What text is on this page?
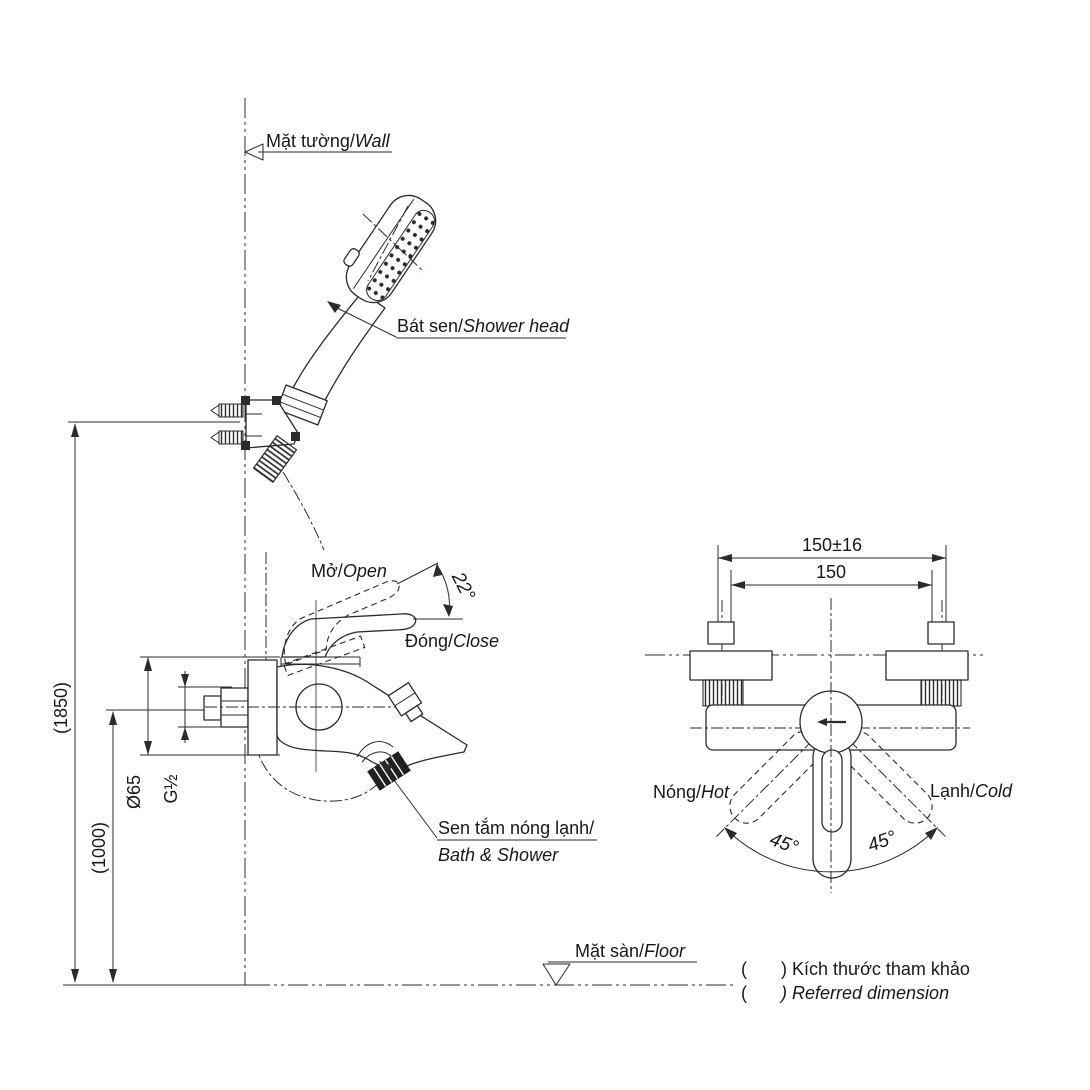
Mặt tường/Wall
Mặt sàn/Floor
(1850)
(1000)
Ø65 G½
Bát sen/Shower head
22°
Mở/Open
Đóng/Close
Sen tắm nóng lạnh/
Bath & Shower
150±16
150
45°	45°
Nóng/Hot	Lạnh/Cold
( ) Kích thước tham khảo
( ) Referred dimension
